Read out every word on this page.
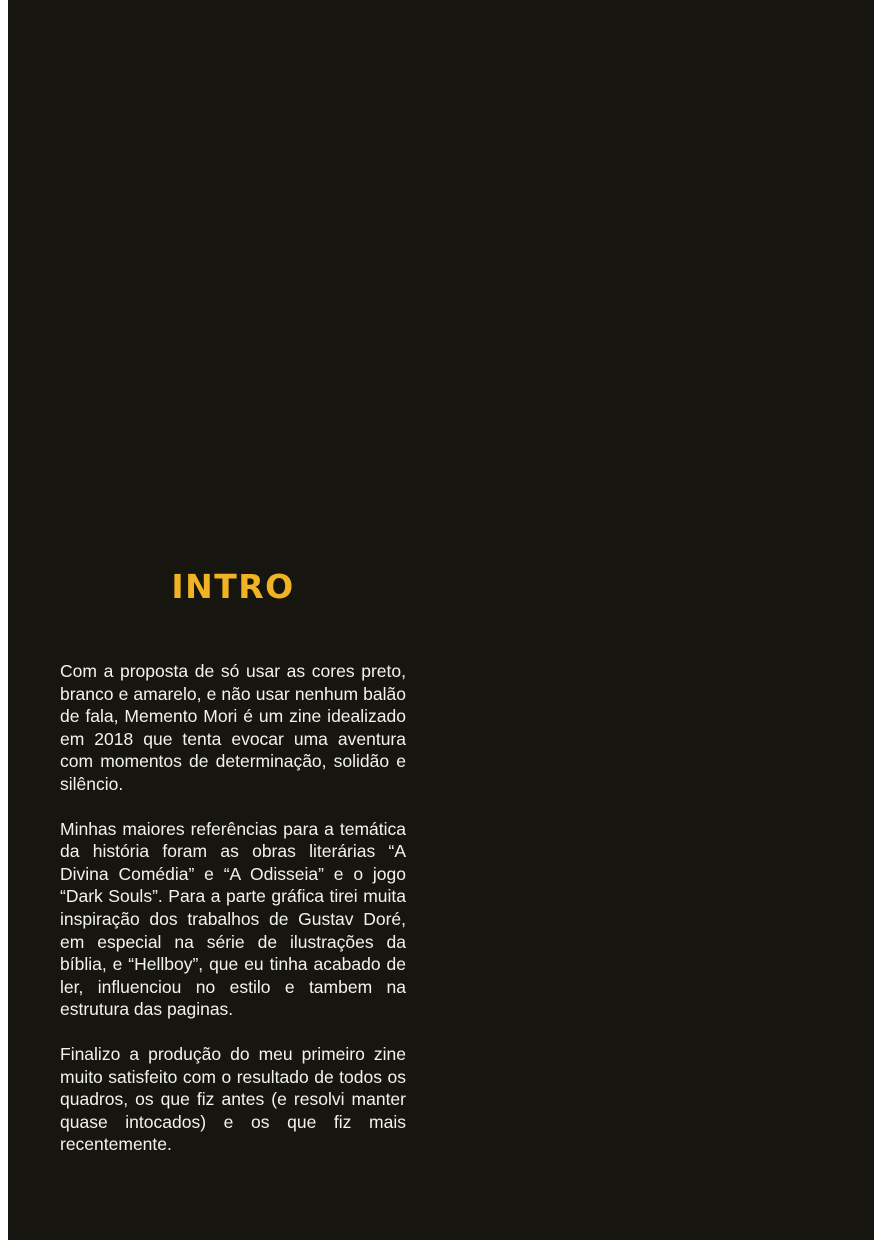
INTRO

Com a proposta de só usar as cores preto, branco e amarelo, e não usar nenhum balão de fala, Memento Mori é um zine idealizado em 2018 que tenta evocar uma aventura com momentos de determinação, solidão e silêncio.

Minhas maiores referências para a temática da história foram as obras literárias “A Divina Comédia” e “A Odisseia” e o jogo “Dark Souls”. Para a parte gráfica tirei muita inspiração dos trabalhos de Gustav Doré, em especial na série de ilustrações da bíblia, e “Hellboy”, que eu tinha acabado de ler, influenciou no estilo e tambem na estrutura das paginas.

Finalizo a produção do meu primeiro zine muito satisfeito com o resultado de todos os quadros, os que fiz antes (e resolvi manter quase intocados) e os que fiz mais recentemente.
